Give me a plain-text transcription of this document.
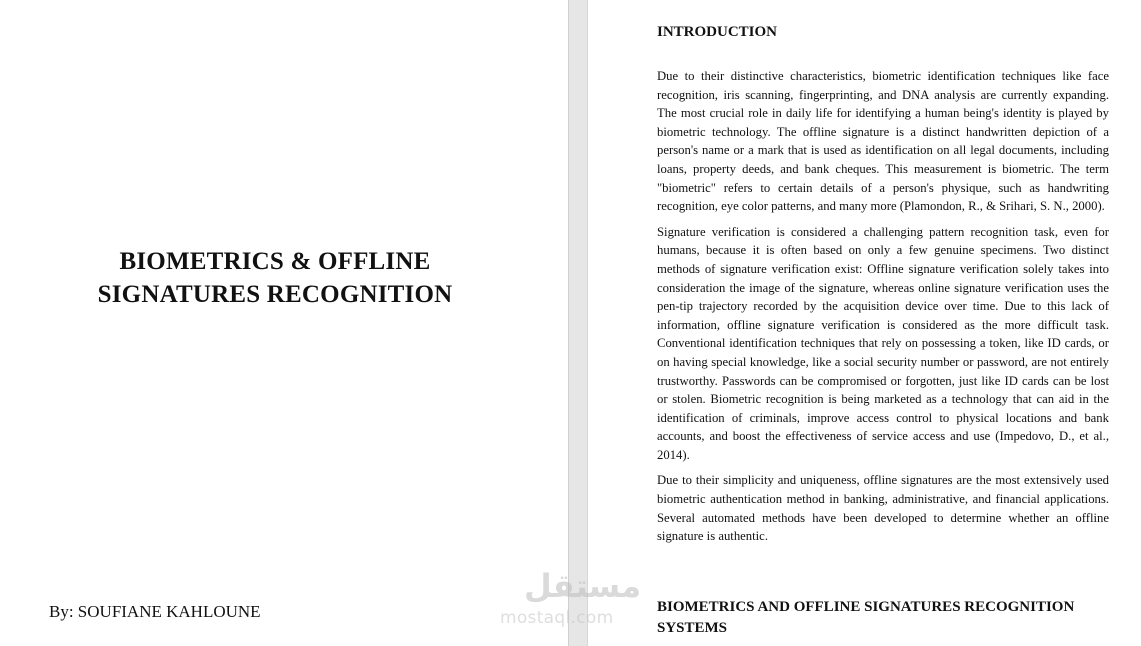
BIOMETRICS & OFFLINE
SIGNATURES RECOGNITION

By: SOUFIANE KAHLOUNE

INTRODUCTION

Due to their distinctive characteristics, biometric identification techniques like face recognition, iris scanning, fingerprinting, and DNA analysis are currently expanding. The most crucial role in daily life for identifying a human being's identity is played by biometric technology. The offline signature is a distinct handwritten depiction of a person's name or a mark that is used as identification on all legal documents, including loans, property deeds, and bank cheques. This measurement is biometric. The term "biometric" refers to certain details of a person's physique, such as handwriting recognition, eye color patterns, and many more (Plamondon, R., & Srihari, S. N., 2000).

Signature verification is considered a challenging pattern recognition task, even for humans, because it is often based on only a few genuine specimens. Two distinct methods of signature verification exist: Offline signature verification solely takes into consideration the image of the signature, whereas online signature verification uses the pen-tip trajectory recorded by the acquisition device over time. Due to this lack of information, offline signature verification is considered as the more difficult task. Conventional identification techniques that rely on possessing a token, like ID cards, or on having special knowledge, like a social security number or password, are not entirely trustworthy. Passwords can be compromised or forgotten, just like ID cards can be lost or stolen. Biometric recognition is being marketed as a technology that can aid in the identification of criminals, improve access control to physical locations and bank accounts, and boost the effectiveness of service access and use (Impedovo, D., et al., 2014).

Due to their simplicity and uniqueness, offline signatures are the most extensively used biometric authentication method in banking, administrative, and financial applications. Several automated methods have been developed to determine whether an offline signature is authentic.

BIOMETRICS AND OFFLINE SIGNATURES RECOGNITION SYSTEMS
مستقل
mostaql.com
